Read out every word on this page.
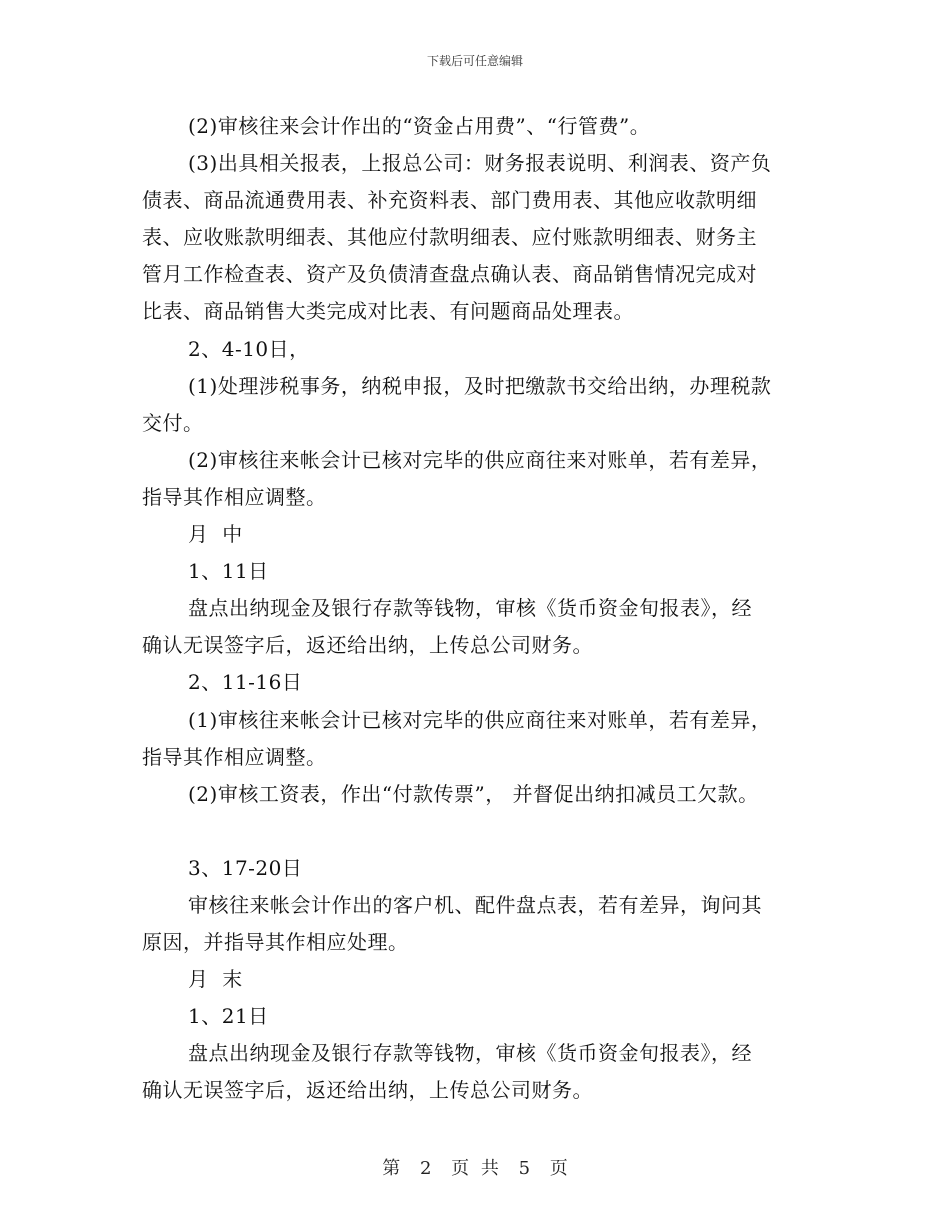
下载后可任意编辑
(2)审核往来会计作出的“资金占用费”、“行管费”。
(3)出具相关报表，上报总公司：财务报表说明、利润表、资产负
债表、商品流通费用表、补充资料表、部门费用表、其他应收款明细
表、应收账款明细表、其他应付款明细表、应付账款明细表、财务主
管月工作检查表、资产及负债清查盘点确认表、商品销售情况完成对
比表、商品销售大类完成对比表、有问题商品处理表。
2、4-10日，
(1)处理涉税事务，纳税申报，及时把缴款书交给出纳，办理税款
交付。
(2)审核往来帐会计已核对完毕的供应商往来对账单，若有差异，
指导其作相应调整。
月  中
1、11日
盘点出纳现金及银行存款等钱物，审核《货币资金旬报表》，经
确认无误签字后，返还给出纳，上传总公司财务。
2、11-16日
(1)审核往来帐会计已核对完毕的供应商往来对账单，若有差异，
指导其作相应调整。
(2)审核工资表，作出“付款传票”， 并督促出纳扣减员工欠款。
3、17-20日
审核往来帐会计作出的客户机、配件盘点表，若有差异，询问其
原因，并指导其作相应处理。
月  末
1、21日
盘点出纳现金及银行存款等钱物，审核《货币资金旬报表》，经
确认无误签字后，返还给出纳，上传总公司财务。
第 2 页 共 5 页
